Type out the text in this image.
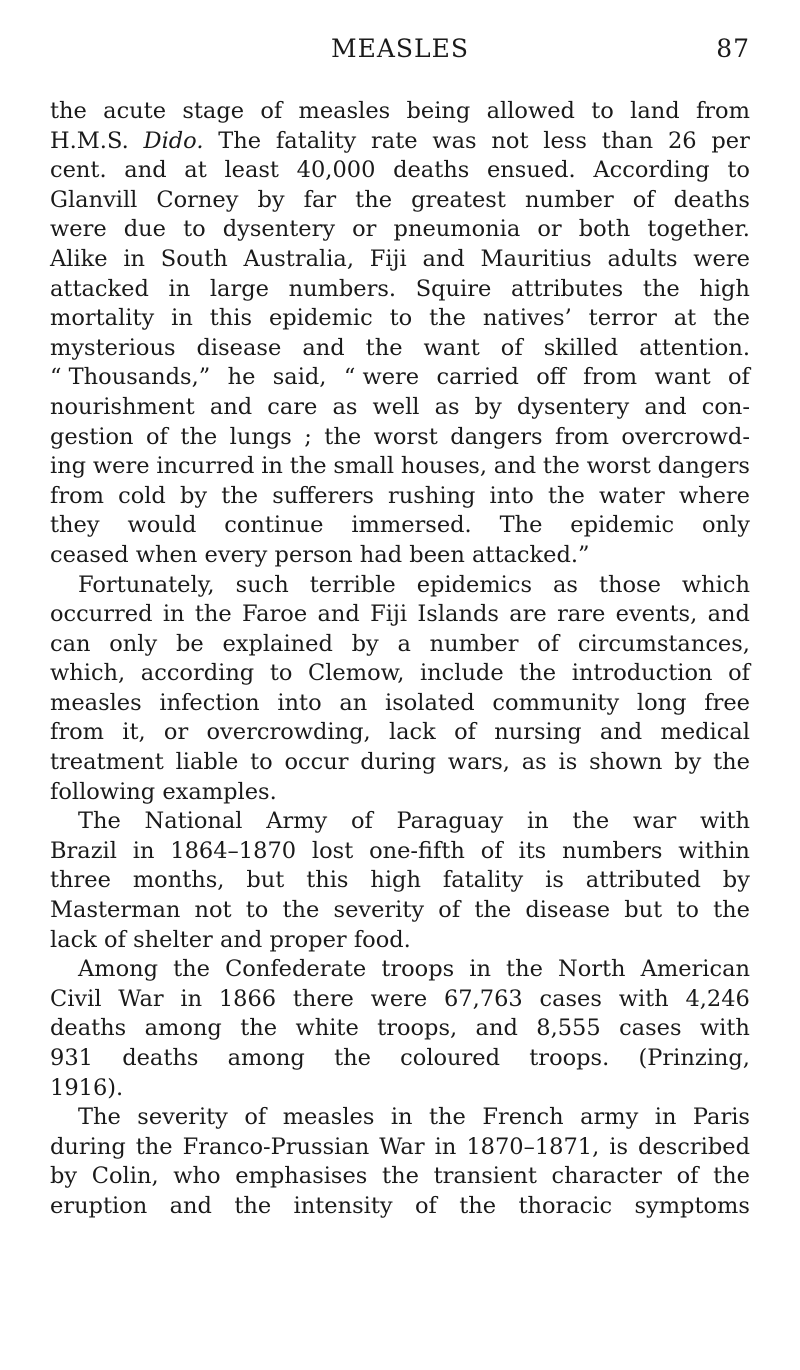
MEASLES	87
the acute stage of measles being allowed to land from
H.M.S. Dido. The fatality rate was not less than 26 per
cent. and at least 40,000 deaths ensued. According to
Glanvill Corney by far the greatest number of deaths
were due to dysentery or pneumonia or both together.
Alike in South Australia, Fiji and Mauritius adults were
attacked in large numbers. Squire attributes the high
mortality in this epidemic to the natives’ terror at the
mysterious disease and the want of skilled attention.
“ Thousands,” he said, “ were carried off from want of
nourishment and care as well as by dysentery and con-
gestion of the lungs ; the worst dangers from overcrowd-
ing were incurred in the small houses, and the worst dangers
from cold by the sufferers rushing into the water where
they would continue immersed. The epidemic only
ceased when every person had been attacked.”
Fortunately, such terrible epidemics as those which
occurred in the Faroe and Fiji Islands are rare events, and
can only be explained by a number of circumstances,
which, according to Clemow, include the introduction of
measles infection into an isolated community long free
from it, or overcrowding, lack of nursing and medical
treatment liable to occur during wars, as is shown by the
following examples.
The National Army of Paraguay in the war with
Brazil in 1864–1870 lost one-fifth of its numbers within
three months, but this high fatality is attributed by
Masterman not to the severity of the disease but to the
lack of shelter and proper food.
Among the Confederate troops in the North American
Civil War in 1866 there were 67,763 cases with 4,246
deaths among the white troops, and 8,555 cases with
931 deaths among the coloured troops. (Prinzing,
1916).
The severity of measles in the French army in Paris
during the Franco-Prussian War in 1870–1871, is described
by Colin, who emphasises the transient character of the
eruption and the intensity of the thoracic symptoms
